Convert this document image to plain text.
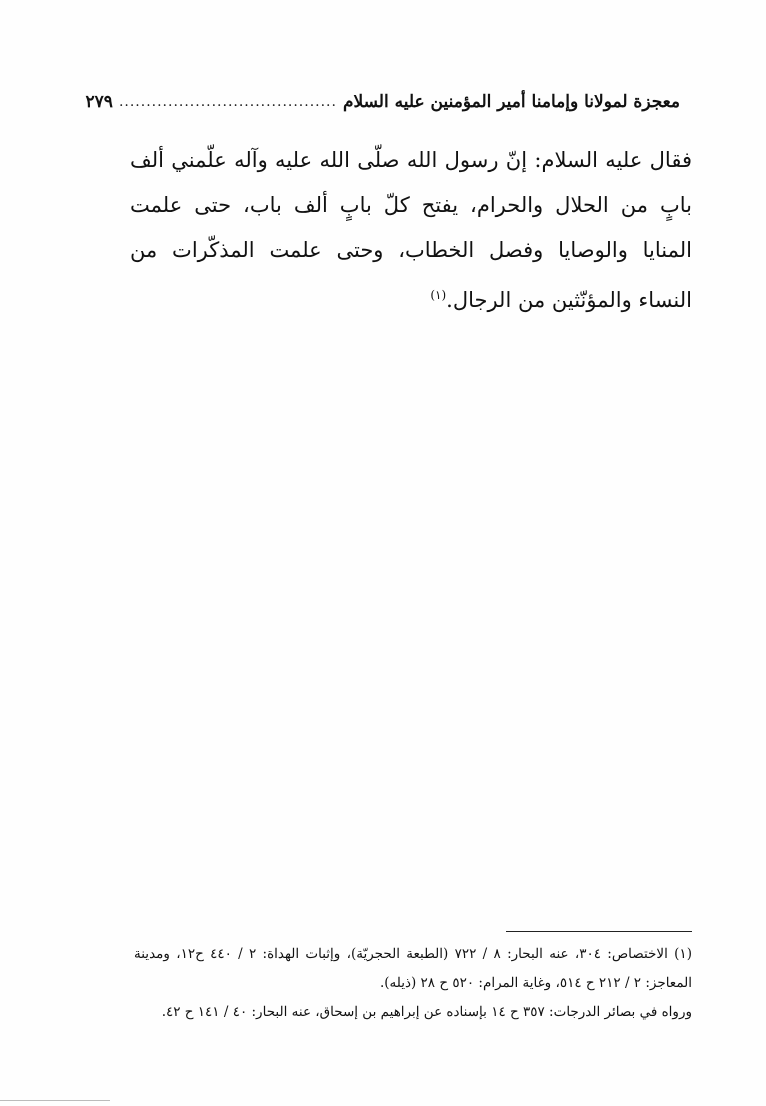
معجزة لمولانا وإمامنا أمير المؤمنين عليه السلام
........................................
٢٧٩
فقال عليه السلام: إنّ رسول الله صلّى الله عليه وآله علّمني ألف بابٍ من الحلال والحرام، يفتح كلّ بابٍ ألف باب، حتى علمت المنايا والوصايا وفصل الخطاب، وحتى علمت المذكّرات من النساء والمؤنّثين من الرجال.$^{(١)}$

(١) الاختصاص: ٣٠٤، عنه البحار: ٨ / ٧٢٢ (الطبعة الحجريّة)، وإثبات الهداة: ٢ / ٤٤٠ ح١٢، ومدينة المعاجز: ٢ / ٢١٢ ح ٥١٤، وغاية المرام: ٥٢٠ ح ٢٨ (ذيله).

ورواه في بصائر الدرجات: ٣٥٧ ح ١٤ بإسناده عن إبراهيم بن إسحاق، عنه البحار: ٤٠ / ١٤١ ح ٤٢.
